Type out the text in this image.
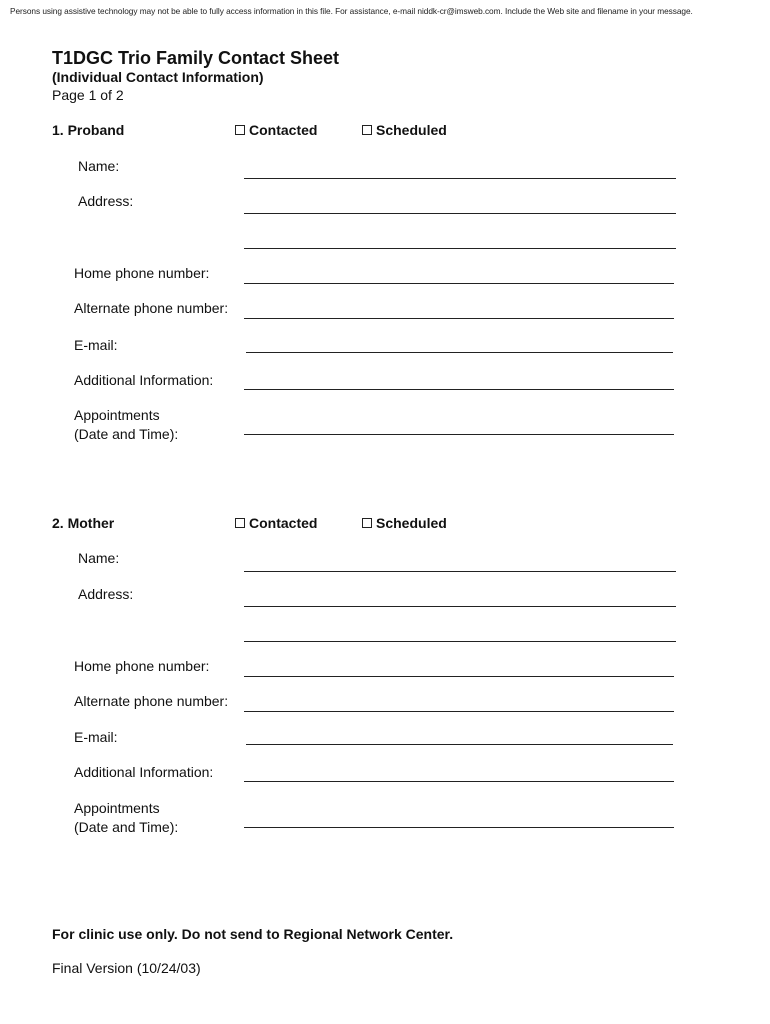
Persons using assistive technology may not be able to fully access information in this file. For assistance, e-mail niddk-cr@imsweb.com. Include the Web site and filename in your message.
T1DGC Trio Family Contact Sheet
(Individual Contact Information)
Page 1 of 2
1. Proband	Contacted	Scheduled
Name:
Address:
Home phone number:
Alternate phone number:
E-mail:
Additional Information:
Appointments
(Date and Time):
2. Mother	Contacted	Scheduled
Name:
Address:
Home phone number:
Alternate phone number:
E-mail:
Additional Information:
Appointments
(Date and Time):
For clinic use only. Do not send to Regional Network Center.
Final Version (10/24/03)
